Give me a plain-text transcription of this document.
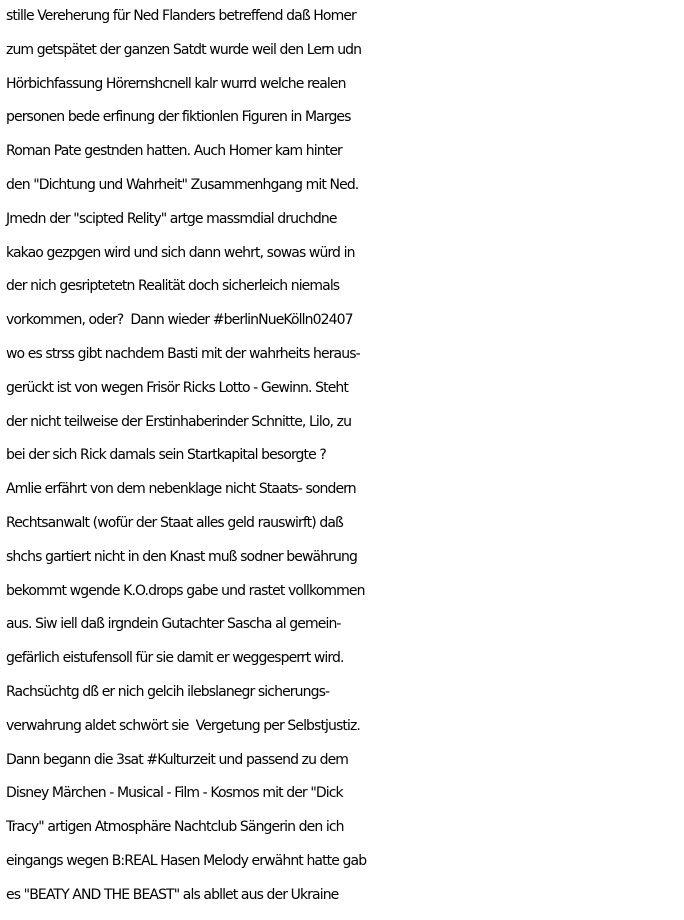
stille Vereherung für Ned Flanders betreffend daß Homer
zum getspätet der ganzen Satdt wurde weil den Lern udn
Hörbichfassung Hörernshcnell kalr wurrd welche realen
personen bede erfinung der fiktionlen Figuren in Marges
Roman Pate gestnden hatten. Auch Homer kam hinter
den "Dichtung und Wahrheit" Zusammenhgang mit Ned.
Jmedn der "scipted Relity" artge massmdial druchdne
kakao gezpgen wird und sich dann wehrt, sowas würd in
der nich gesriptetetn Realität doch sicherleich niemals
vorkommen, oder?  Dann wieder #berlinNueKölln02407
wo es strss gibt nachdem Basti mit der wahrheits heraus-
gerückt ist von wegen Frisör Ricks Lotto - Gewinn. Steht
der nicht teilweise der Erstinhaberinder Schnitte, Lilo, zu
bei der sich Rick damals sein Startkapital besorgte ?
Amlie erfährt von dem nebenklage nicht Staats- sondern
Rechtsanwalt (wofür der Staat alles geld rauswirft) daß
shchs gartiert nicht in den Knast muß sodner bewährung
bekommt wgende K.O.drops gabe und rastet vollkommen
aus. Siw iell daß irgndein Gutachter Sascha al gemein-
gefärlich eistufensoll für sie damit er weggesperrt wird.
Rachsüchtg dß er nich gelcih ilebslanegr sicherungs-
verwahrung aldet schwört sie  Vergetung per Selbstjustiz.
Dann begann die 3sat #Kulturzeit und passend zu dem
Disney Märchen - Musical - Film - Kosmos mit der "Dick
Tracy" artigen Atmosphäre Nachtclub Sängerin den ich
eingangs wegen B:REAL Hasen Melody erwähnt hatte gab
es "BEATY AND THE BEAST" als abllet aus der Ukraine
